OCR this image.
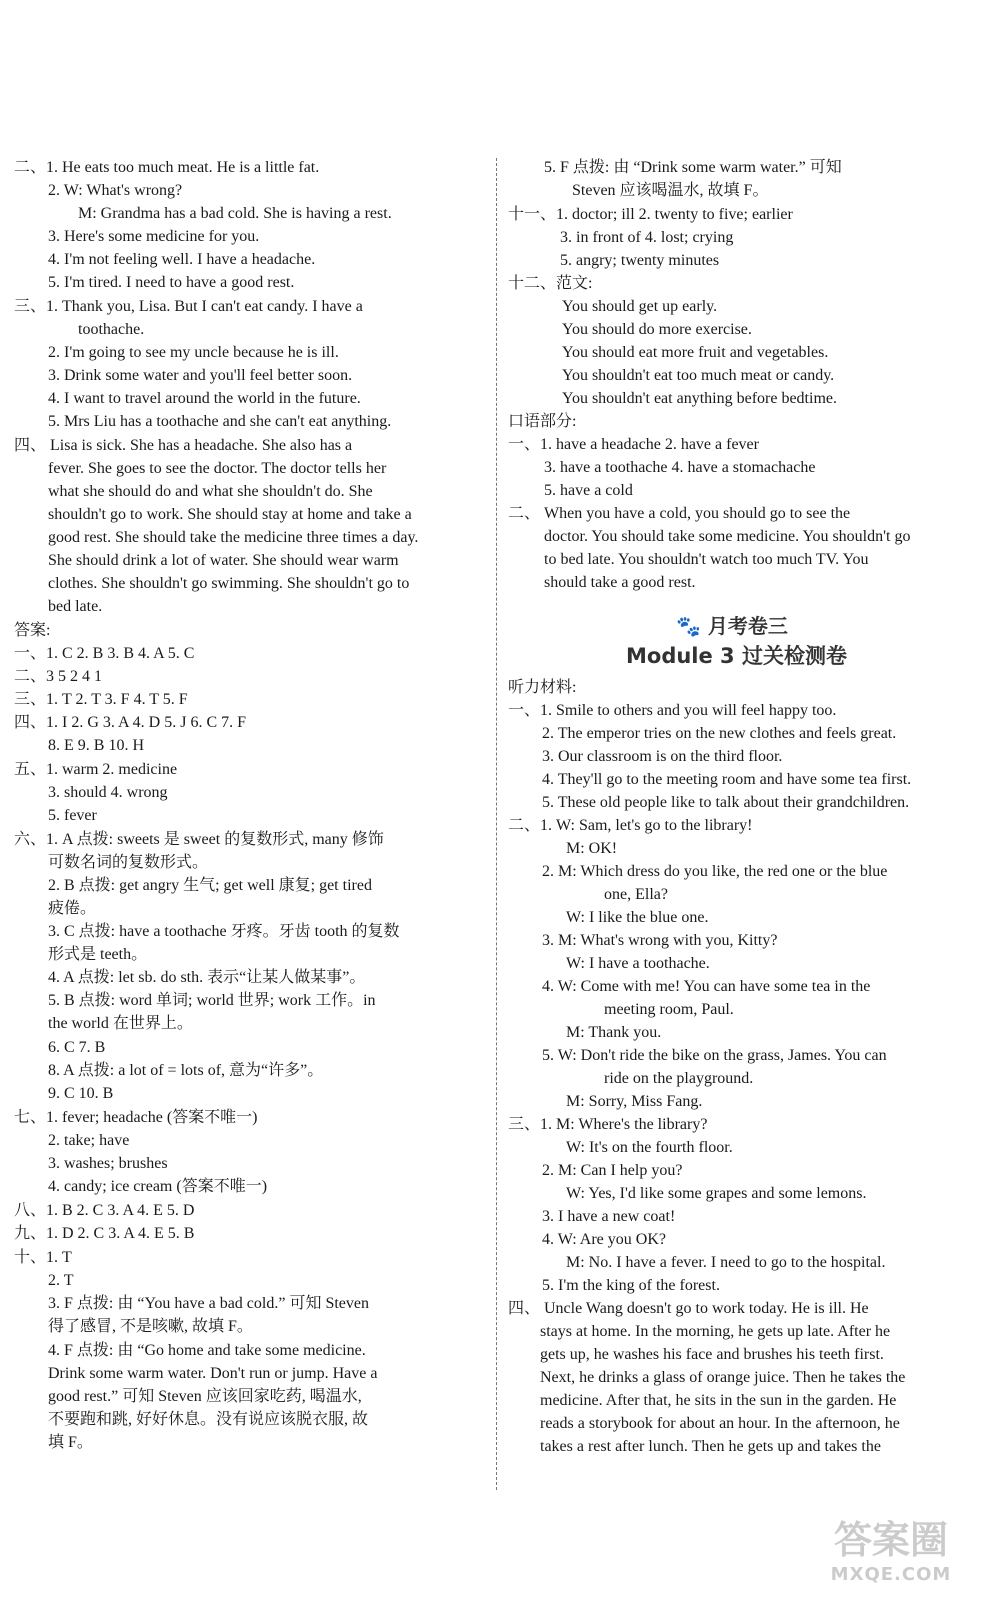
二、1. He eats too much meat. He is a little fat.
2. W: What's wrong?
M: Grandma has a bad cold. She is having a rest.
3. Here's some medicine for you.
4. I'm not feeling well. I have a headache.
5. I'm tired. I need to have a good rest.
三、1. Thank you, Lisa. But I can't eat candy. I have a
toothache.
2. I'm going to see my uncle because he is ill.
3. Drink some water and you'll feel better soon.
4. I want to travel around the world in the future.
5. Mrs Liu has a toothache and she can't eat anything.
四、 Lisa is sick. She has a headache. She also has a
fever. She goes to see the doctor. The doctor tells her
what she should do and what she shouldn't do. She
shouldn't go to work. She should stay at home and take a
good rest. She should take the medicine three times a day.
She should drink a lot of water. She should wear warm
clothes. She shouldn't go swimming. She shouldn't go to
bed late.
答案:
一、1. C 2. B 3. B 4. A 5. C
二、3 5 2 4 1
三、1. T 2. T 3. F 4. T 5. F
四、1. I 2. G 3. A 4. D 5. J 6. C 7. F
8. E 9. B 10. H
五、1. warm 2. medicine
3. should 4. wrong
5. fever
六、1. A 点拨: sweets 是 sweet 的复数形式, many 修饰
可数名词的复数形式。
2. B 点拨: get angry 生气; get well 康复; get tired
疲倦。
3. C 点拨: have a toothache 牙疼。牙齿 tooth 的复数
形式是 teeth。
4. A 点拨: let sb. do sth. 表示“让某人做某事”。
5. B 点拨: word 单词; world 世界; work 工作。in
the world 在世界上。
6. C 7. B
8. A 点拨: a lot of = lots of, 意为“许多”。
9. C 10. B
七、1. fever; headache (答案不唯一)
2. take; have
3. washes; brushes
4. candy; ice cream (答案不唯一)
八、1. B 2. C 3. A 4. E 5. D
九、1. D 2. C 3. A 4. E 5. B
十、1. T
2. T
3. F 点拨: 由 “You have a bad cold.” 可知 Steven
得了感冒, 不是咳嗽, 故填 F。
4. F 点拨: 由 “Go home and take some medicine.
Drink some warm water. Don't run or jump. Have a
good rest.” 可知 Steven 应该回家吃药, 喝温水,
不要跑和跳, 好好休息。没有说应该脱衣服, 故
填 F。
🐾 月考卷三
Module 3 过关检测卷
5. F 点拨: 由 “Drink some warm water.” 可知
Steven 应该喝温水, 故填 F。
十一、1. doctor; ill 2. twenty to five; earlier
3. in front of 4. lost; crying
5. angry; twenty minutes
十二、范文:
You should get up early.
You should do more exercise.
You should eat more fruit and vegetables.
You shouldn't eat too much meat or candy.
You shouldn't eat anything before bedtime.
口语部分:
一、1. have a headache 2. have a fever
3. have a toothache 4. have a stomachache
5. have a cold
二、 When you have a cold, you should go to see the
doctor. You should take some medicine. You shouldn't go
to bed late. You shouldn't watch too much TV. You
should take a good rest.
听力材料:
一、1. Smile to others and you will feel happy too.
2. The emperor tries on the new clothes and feels great.
3. Our classroom is on the third floor.
4. They'll go to the meeting room and have some tea first.
5. These old people like to talk about their grandchildren.
二、1. W: Sam, let's go to the library!
M: OK!
2. M: Which dress do you like, the red one or the blue
one, Ella?
W: I like the blue one.
3. M: What's wrong with you, Kitty?
W: I have a toothache.
4. W: Come with me! You can have some tea in the
meeting room, Paul.
M: Thank you.
5. W: Don't ride the bike on the grass, James. You can
ride on the playground.
M: Sorry, Miss Fang.
三、1. M: Where's the library?
W: It's on the fourth floor.
2. M: Can I help you?
W: Yes, I'd like some grapes and some lemons.
3. I have a new coat!
4. W: Are you OK?
M: No. I have a fever. I need to go to the hospital.
5. I'm the king of the forest.
四、 Uncle Wang doesn't go to work today. He is ill. He
stays at home. In the morning, he gets up late. After he
gets up, he washes his face and brushes his teeth first.
Next, he drinks a glass of orange juice. Then he takes the
medicine. After that, he sits in the sun in the garden. He
reads a storybook for about an hour. In the afternoon, he
takes a rest after lunch. Then he gets up and takes the
答案圈
MXQE.COM
